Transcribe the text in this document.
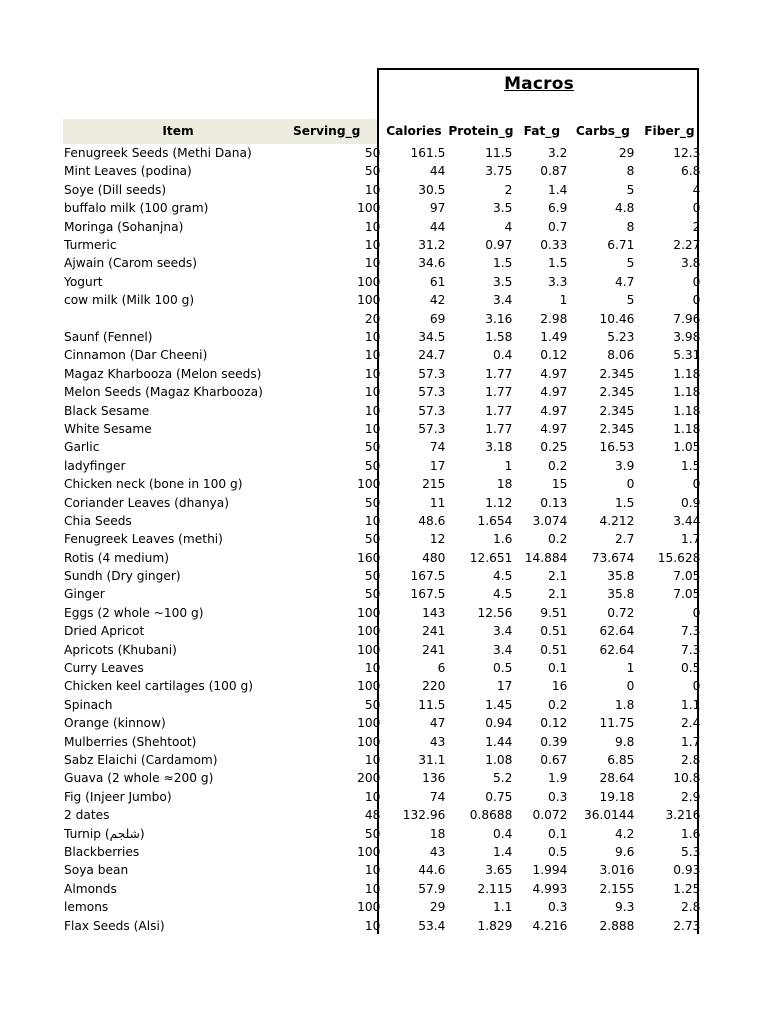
Macros
Item	Serving_g	Calories	Protein_g	Fat_g	Carbs_g	Fiber_g
Fenugreek Seeds (Methi Dana)	50	161.5	11.5	3.2	29	12.3
Mint Leaves (podina)	50	44	3.75	0.87	8	6.8
Soye (Dill seeds)	10	30.5	2	1.4	5	4
buffalo milk (100 gram)	100	97	3.5	6.9	4.8	0
Moringa (Sohanjna)	10	44	4	0.7	8	2
Turmeric	10	31.2	0.97	0.33	6.71	2.27
Ajwain (Carom seeds)	10	34.6	1.5	1.5	5	3.8
Yogurt	100	61	3.5	3.3	4.7	0
cow milk (Milk 100 g)	100	42	3.4	1	5	0
	20	69	3.16	2.98	10.46	7.96
Saunf (Fennel)	10	34.5	1.58	1.49	5.23	3.98
Cinnamon (Dar Cheeni)	10	24.7	0.4	0.12	8.06	5.31
Magaz Kharbooza (Melon seeds)	10	57.3	1.77	4.97	2.345	1.18
Melon Seeds (Magaz Kharbooza)	10	57.3	1.77	4.97	2.345	1.18
Black Sesame	10	57.3	1.77	4.97	2.345	1.18
White Sesame	10	57.3	1.77	4.97	2.345	1.18
Garlic	50	74	3.18	0.25	16.53	1.05
ladyfinger	50	17	1	0.2	3.9	1.5
Chicken neck (bone in 100 g)	100	215	18	15	0	0
Coriander Leaves (dhanya)	50	11	1.12	0.13	1.5	0.9
Chia Seeds	10	48.6	1.654	3.074	4.212	3.44
Fenugreek Leaves (methi)	50	12	1.6	0.2	2.7	1.7
Rotis (4 medium)	160	480	12.651	14.884	73.674	15.628
Sundh (Dry ginger)	50	167.5	4.5	2.1	35.8	7.05
Ginger	50	167.5	4.5	2.1	35.8	7.05
Eggs (2 whole ~100 g)	100	143	12.56	9.51	0.72	0
Dried Apricot	100	241	3.4	0.51	62.64	7.3
Apricots (Khubani)	100	241	3.4	0.51	62.64	7.3
Curry Leaves	10	6	0.5	0.1	1	0.5
Chicken keel cartilages (100 g)	100	220	17	16	0	0
Spinach	50	11.5	1.45	0.2	1.8	1.1
Orange (kinnow)	100	47	0.94	0.12	11.75	2.4
Mulberries (Shehtoot)	100	43	1.44	0.39	9.8	1.7
Sabz Elaichi (Cardamom)	10	31.1	1.08	0.67	6.85	2.8
Guava (2 whole ≈200 g)	200	136	5.2	1.9	28.64	10.8
Fig (Injeer Jumbo)	10	74	0.75	0.3	19.18	2.9
2 dates	48	132.96	0.8688	0.072	36.0144	3.216
Turnip (شلجم)	50	18	0.4	0.1	4.2	1.6
Blackberries	100	43	1.4	0.5	9.6	5.3
Soya bean	10	44.6	3.65	1.994	3.016	0.93
Almonds	10	57.9	2.115	4.993	2.155	1.25
lemons	100	29	1.1	0.3	9.3	2.8
Flax Seeds (Alsi)	10	53.4	1.829	4.216	2.888	2.73
